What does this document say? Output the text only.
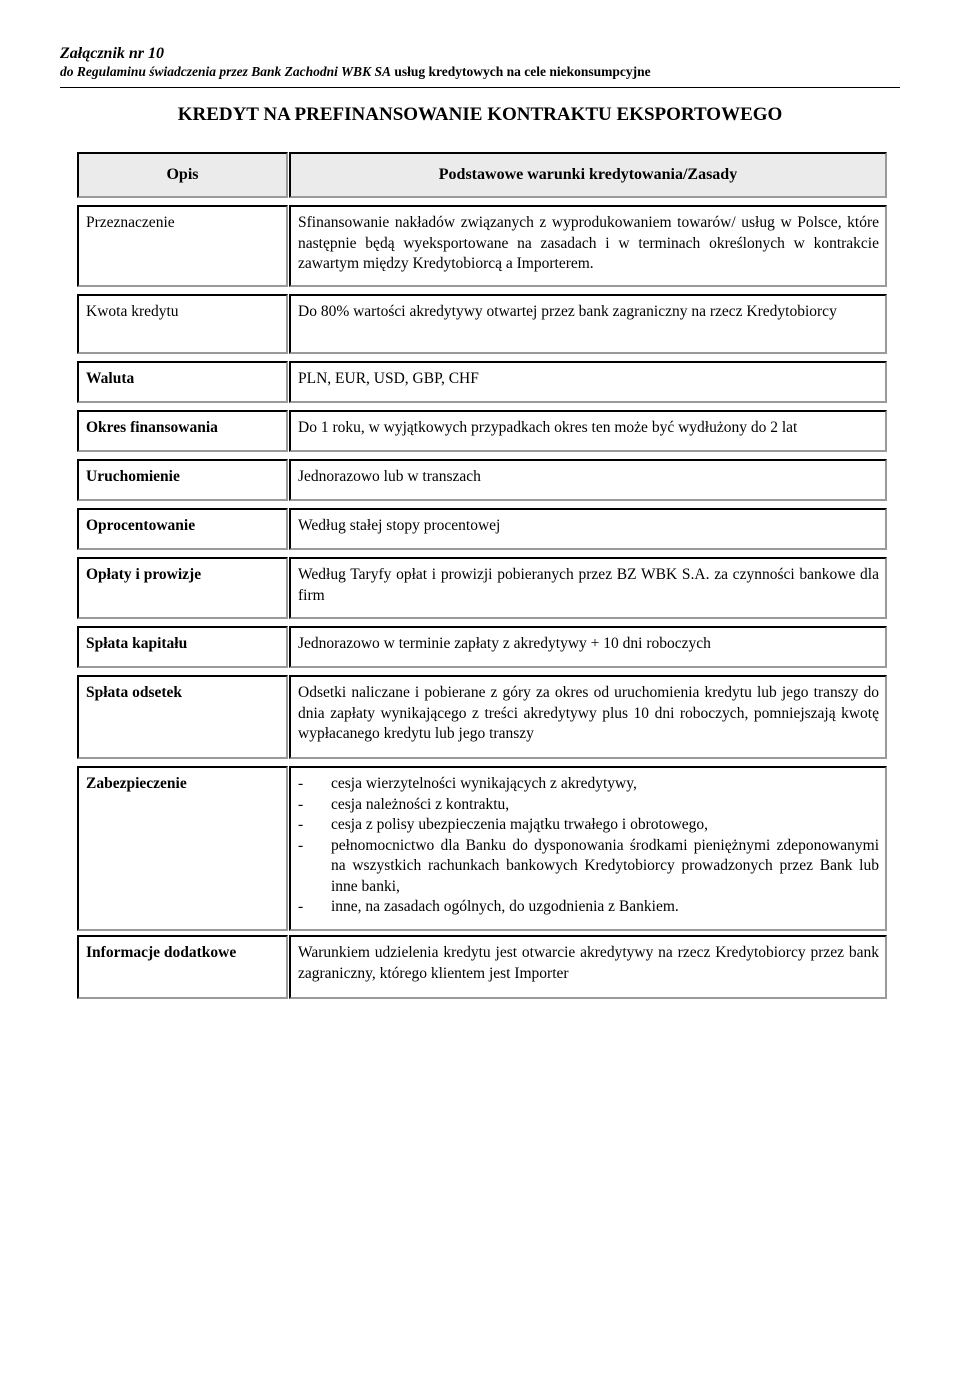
Załącznik nr 10
do Regulaminu świadczenia przez Bank Zachodni WBK SA usług kredytowych na cele niekonsumpcyjne
KREDYT NA PREFINANSOWANIE KONTRAKTU EKSPORTOWEGO
Opis	Podstawowe warunki kredytowania/Zasady
Przeznaczenie	Sfinansowanie nakładów związanych z wyprodukowaniem towarów/ usług w Polsce, które następnie będą wyeksportowane na zasadach i w terminach określonych w kontrakcie zawartym między Kredytobiorcą a Importerem.
Kwota kredytu	Do 80% wartości akredytywy otwartej przez bank zagraniczny na rzecz Kredytobiorcy
Waluta	PLN, EUR, USD, GBP, CHF
Okres finansowania	Do 1 roku, w wyjątkowych przypadkach okres ten może być wydłużony do 2 lat
Uruchomienie	Jednorazowo lub w transzach
Oprocentowanie	Według stałej stopy procentowej
Opłaty i prowizje	Według Taryfy opłat i prowizji pobieranych przez BZ WBK S.A. za czynności bankowe dla firm
Spłata kapitału	Jednorazowo w terminie zapłaty z akredytywy + 10 dni roboczych
Spłata odsetek	Odsetki naliczane i pobierane z góry za okres od uruchomienia kredytu lub jego transzy do dnia zapłaty wynikającego z treści akredytywy plus 10 dni roboczych, pomniejszają kwotę wypłacanego kredytu lub jego transzy
Zabezpieczenie	-	cesja wierzytelności wynikających z akredytywy,
-	cesja należności z kontraktu,
-	cesja z polisy ubezpieczenia majątku trwałego i obrotowego,
-	pełnomocnictwo dla Banku do dysponowania środkami pieniężnymi zdeponowanymi na wszystkich rachunkach bankowych Kredytobiorcy prowadzonych przez Bank lub inne banki,
-	inne, na zasadach ogólnych, do uzgodnienia z Bankiem.
Informacje dodatkowe	Warunkiem udzielenia kredytu jest otwarcie akredytywy na rzecz Kredytobiorcy przez bank zagraniczny, którego klientem jest Importer
